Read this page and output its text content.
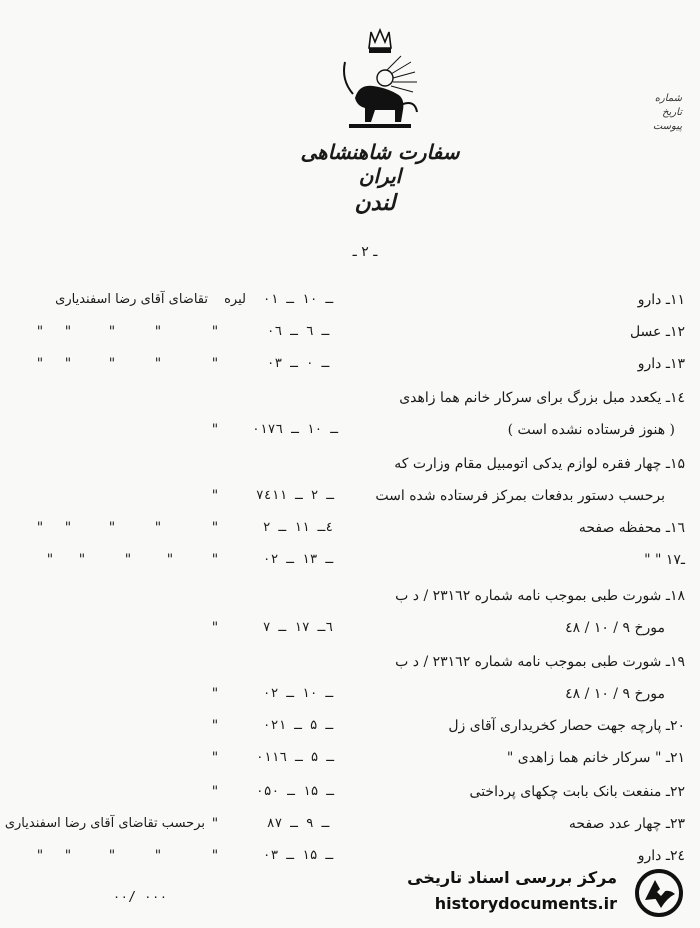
شماره
تاریخ
پیوست
سفارت شاهنشاهی ایران
لندن
ـ ۲ ـ
۱۱ـ دارو
۰ـ ۱۰ ـ ۱
لیره
تقاضای آقای رضا اسفندیاری
۱۲ـ عسل
۰ـ ٦ ـ ٦
"
"
"
"
"
۱۳ـ دارو
۰ـ ۰ ـ ۳
"
"
"
"
"
۱٤ـ یکعدد مبل بزرگ برای سرکار خانم هما زاهدی
( هنوز فرستاده نشده است )
۰ـ ۱۰ ـ ۱۷٦
"
۱۵ـ چهار فقره لوازم یدکی اتومبیل مقام وزارت که
برحسب دستور بدفعات بمرکز فرستاده شده است
۷ـ ۲ ـ ٤۱۱
"
۱٦ـ محفظه صفحه
٤ـ ۱۱ ـ ۲
"
"
"
"
"
ـ۱۷ " "
۰ـ ۱۳ ـ ۲
"
"
"
"
"
۱۸ـ شورت طبی بموجب نامه شماره ۲۳۱٦۲ / د ب
مورخ ۹ / ۱۰ / ٤۸
٦ـ ۱۷ ـ ۷
"
۱۹ـ شورت طبی بموجب نامه شماره ۲۳۱٦۲ / د ب
مورخ ۹ / ۱۰ / ٤۸
۰ـ ۱۰ ـ ۲
"
۲۰ـ پارچه جهت حصار کخریداری آقای زل
۰ـ ۵ ـ ۲۱
"
۲۱ـ " سرکار خانم هما زاهدی "
۰ـ ۵ ـ ۱۱٦
"
۲۲ـ منفعت بانک بابت چکهای پرداختی
۰ـ ۱۵ ـ ۵۰
"
۲۳ـ چهار عدد صفحه
۸ـ ۹ ـ ۷
"
برحسب تقاضای آقای رضا اسفندیاری
۲٤ـ دارو
۰ـ ۱۵ ـ ۳
"
"
"
"
"
۰۰/ ۰۰۰
مرکز بررسی اسناد تاریخی
historydocuments.ir
